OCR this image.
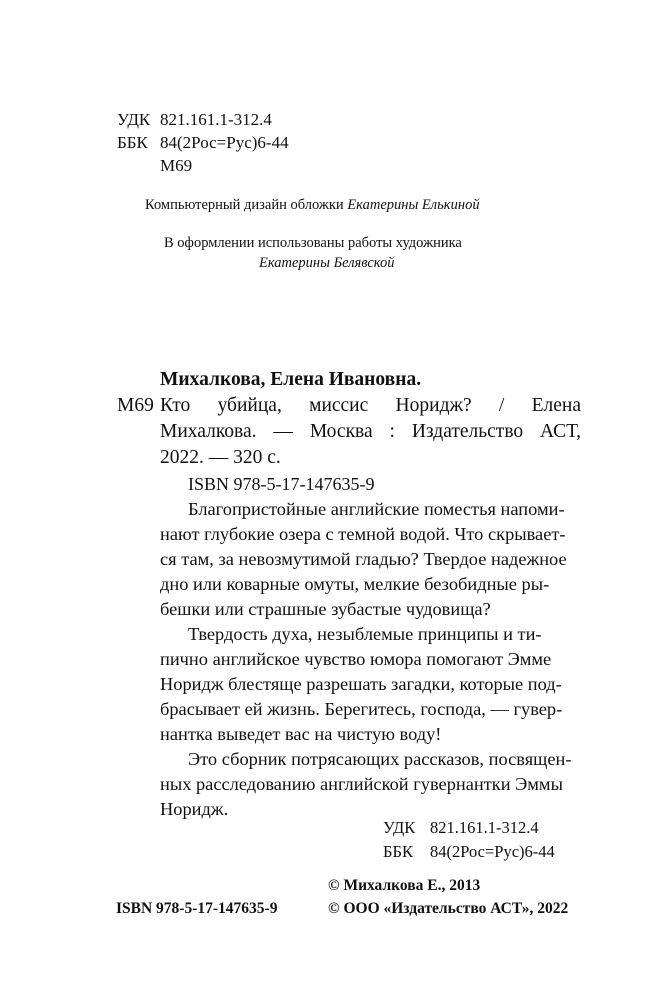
УДК 821.161.1-312.4
ББК 84(2Рос=Рус)6-44
М69
Компьютерный дизайн обложки Екатерины Ельκиной
В оформлении использованы работы художника
Екатерины Белявской
Михалкова, Елена Ивановна.
М69 Кто убийца, миссис Норидж? / Елена
Михалкова. — Москва : Издательство АСТ,
2022. — 320 с.
ISBN 978-5-17-147635-9
Благопристойные английские поместья напоми-
нают глубокие озера с темной водой. Что скрывает-
ся там, за невозмутимой гладью? Твердое надежное
дно или коварные омуты, мелкие безобидные ры-
бешки или страшные зубастые чудовища?
Твердость духа, незыблемые принципы и ти-
пично английское чувство юмора помогают Эмме
Норидж блестяще разрешать загадки, которые под-
брасывает ей жизнь. Берегитесь, господа, — гувер-
нантка выведет вас на чистую воду!
Это сборник потрясающих рассказов, посвящен-
ных расследованию английской гувернантки Эммы
Норидж.
УДК 821.161.1-312.4
ББК 84(2Рос=Рус)6-44
© Михалкова Е., 2013
ISBN 978-5-17-147635-9	© ООО «Издательство АСТ», 2022
